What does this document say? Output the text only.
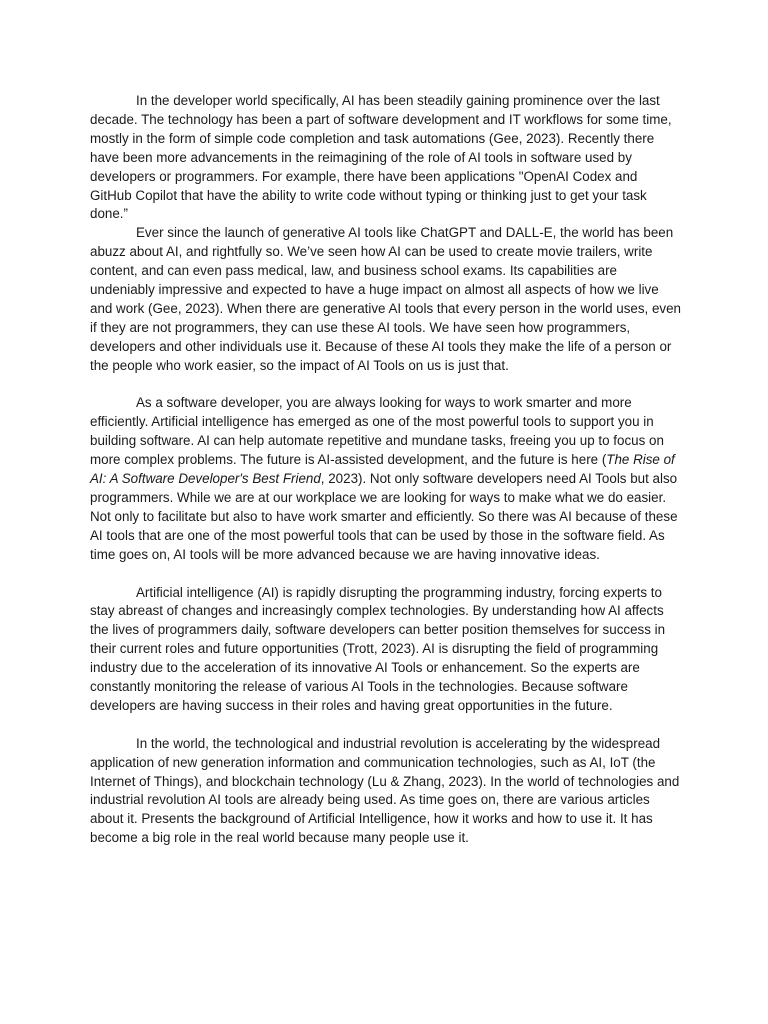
In the developer world specifically, AI has been steadily gaining prominence over the last decade. The technology has been a part of software development and IT workflows for some time, mostly in the form of simple code completion and task automations (Gee, 2023). Recently there have been more advancements in the reimagining of the role of AI tools in software used by developers or programmers. For example, there have been applications "OpenAI Codex and GitHub Copilot that have the ability to write code without typing or thinking just to get your task done.”

Ever since the launch of generative AI tools like ChatGPT and DALL-E, the world has been abuzz about AI, and rightfully so. We’ve seen how AI can be used to create movie trailers, write content, and can even pass medical, law, and business school exams. Its capabilities are undeniably impressive and expected to have a huge impact on almost all aspects of how we live and work (Gee, 2023). When there are generative AI tools that every person in the world uses, even if they are not programmers, they can use these AI tools. We have seen how programmers, developers and other individuals use it. Because of these AI tools they make the life of a person or the people who work easier, so the impact of AI Tools on us is just that.

As a software developer, you are always looking for ways to work smarter and more efficiently. Artificial intelligence has emerged as one of the most powerful tools to support you in building software. AI can help automate repetitive and mundane tasks, freeing you up to focus on more complex problems. The future is AI-assisted development, and the future is here (The Rise of AI: A Software Developer's Best Friend, 2023). Not only software developers need AI Tools but also programmers. While we are at our workplace we are looking for ways to make what we do easier. Not only to facilitate but also to have work smarter and efficiently. So there was AI because of these AI tools that are one of the most powerful tools that can be used by those in the software field. As time goes on, AI tools will be more advanced because we are having innovative ideas.

Artificial intelligence (AI) is rapidly disrupting the programming industry, forcing experts to stay abreast of changes and increasingly complex technologies. By understanding how AI affects the lives of programmers daily, software developers can better position themselves for success in their current roles and future opportunities (Trott, 2023). AI is disrupting the field of programming industry due to the acceleration of its innovative AI Tools or enhancement. So the experts are constantly monitoring the release of various AI Tools in the technologies. Because software developers are having success in their roles and having great opportunities in the future.

In the world, the technological and industrial revolution is accelerating by the widespread application of new generation information and communication technologies, such as AI, IoT (the Internet of Things), and blockchain technology (Lu & Zhang, 2023). In the world of technologies and industrial revolution AI tools are already being used. As time goes on, there are various articles about it. Presents the background of Artificial Intelligence, how it works and how to use it. It has become a big role in the real world because many people use it.
